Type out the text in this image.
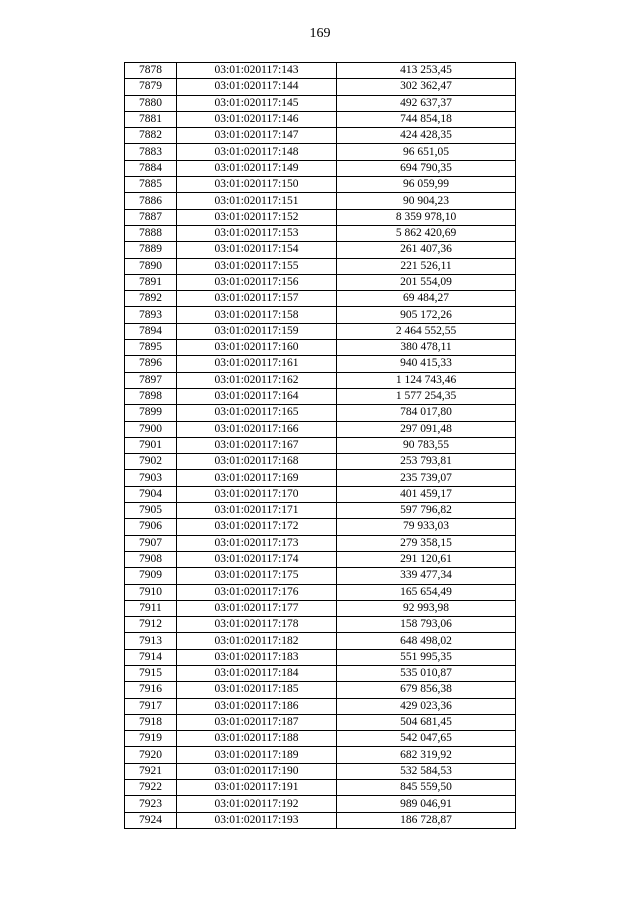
169
7878	03:01:020117:143	413 253,45
7879	03:01:020117:144	302 362,47
7880	03:01:020117:145	492 637,37
7881	03:01:020117:146	744 854,18
7882	03:01:020117:147	424 428,35
7883	03:01:020117:148	96 651,05
7884	03:01:020117:149	694 790,35
7885	03:01:020117:150	96 059,99
7886	03:01:020117:151	90 904,23
7887	03:01:020117:152	8 359 978,10
7888	03:01:020117:153	5 862 420,69
7889	03:01:020117:154	261 407,36
7890	03:01:020117:155	221 526,11
7891	03:01:020117:156	201 554,09
7892	03:01:020117:157	69 484,27
7893	03:01:020117:158	905 172,26
7894	03:01:020117:159	2 464 552,55
7895	03:01:020117:160	380 478,11
7896	03:01:020117:161	940 415,33
7897	03:01:020117:162	1 124 743,46
7898	03:01:020117:164	1 577 254,35
7899	03:01:020117:165	784 017,80
7900	03:01:020117:166	297 091,48
7901	03:01:020117:167	90 783,55
7902	03:01:020117:168	253 793,81
7903	03:01:020117:169	235 739,07
7904	03:01:020117:170	401 459,17
7905	03:01:020117:171	597 796,82
7906	03:01:020117:172	79 933,03
7907	03:01:020117:173	279 358,15
7908	03:01:020117:174	291 120,61
7909	03:01:020117:175	339 477,34
7910	03:01:020117:176	165 654,49
7911	03:01:020117:177	92 993,98
7912	03:01:020117:178	158 793,06
7913	03:01:020117:182	648 498,02
7914	03:01:020117:183	551 995,35
7915	03:01:020117:184	535 010,87
7916	03:01:020117:185	679 856,38
7917	03:01:020117:186	429 023,36
7918	03:01:020117:187	504 681,45
7919	03:01:020117:188	542 047,65
7920	03:01:020117:189	682 319,92
7921	03:01:020117:190	532 584,53
7922	03:01:020117:191	845 559,50
7923	03:01:020117:192	989 046,91
7924	03:01:020117:193	186 728,87
